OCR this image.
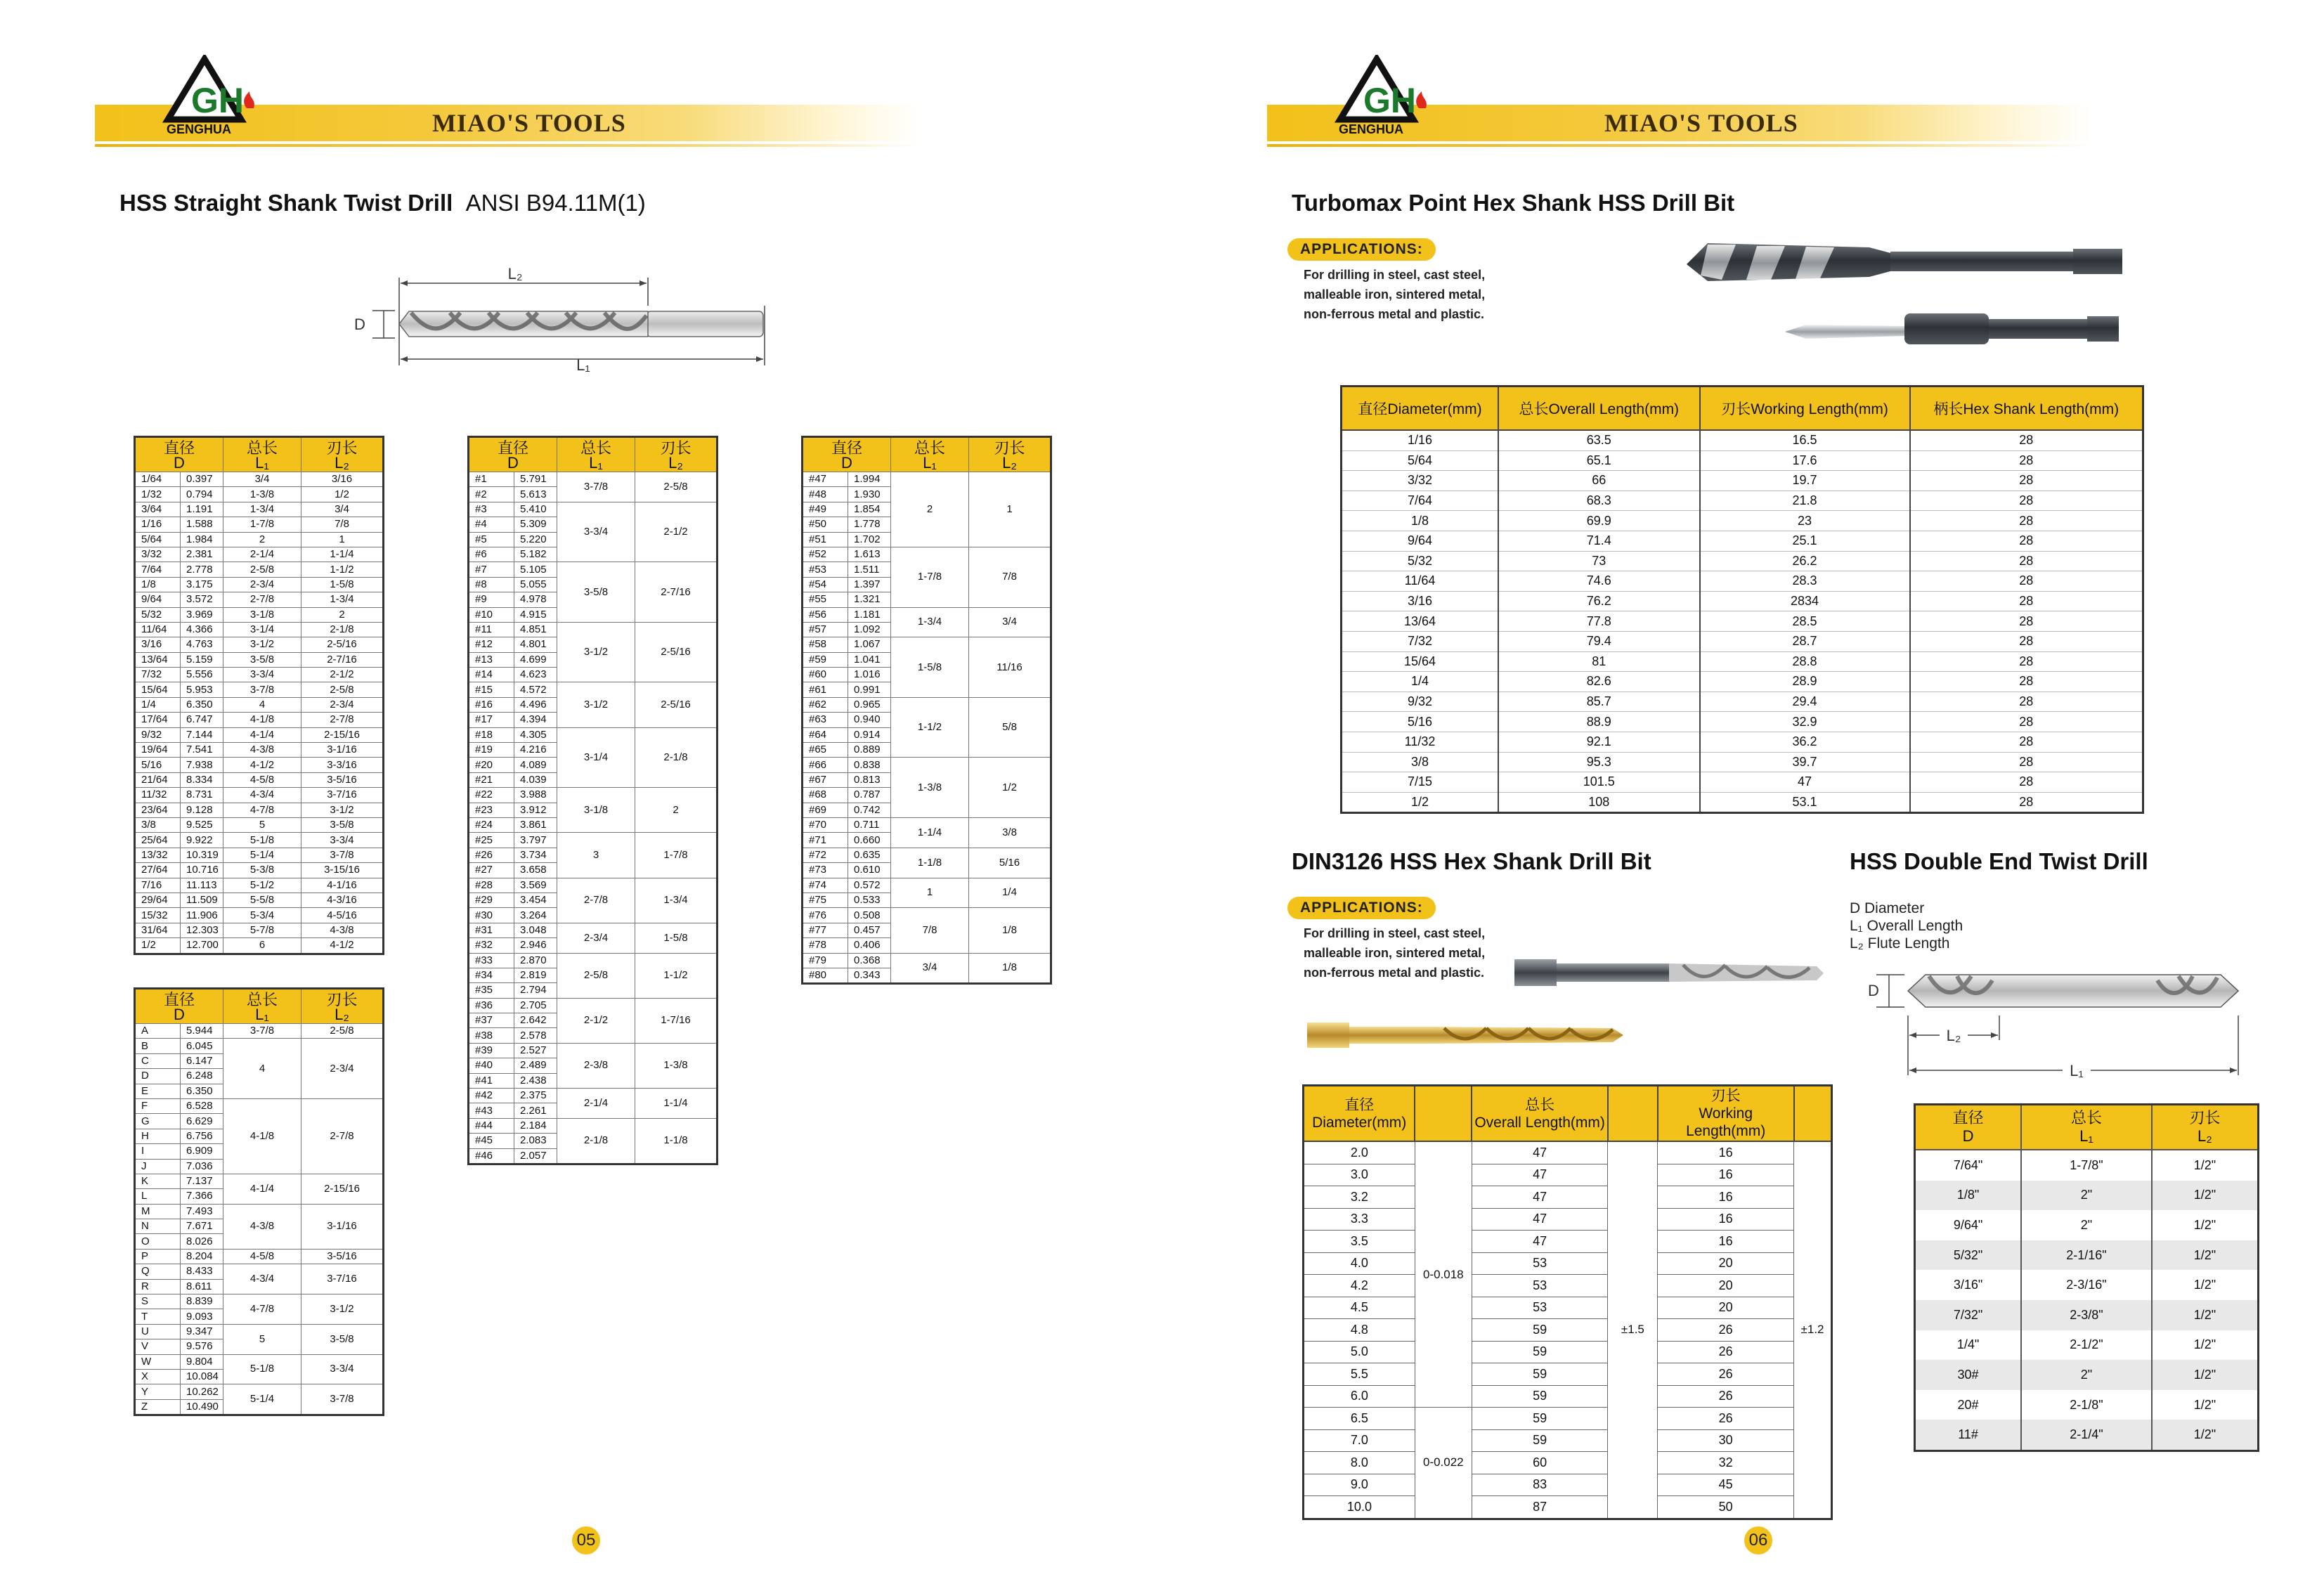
MIAO'S TOOLS
GH
GENGHUA	MIAO'S TOOLS
GH
GENGHUA
HSS Straight Shank Twist Drill ANSI B94.11M(1)
L₂
L₁
D
直径
D		总长
L₁	刃长
L₂
1/64	0.397	3/4	3/16
1/32	0.794	1-3/8	1/2
3/64	1.191	1-3/4	3/4
1/16	1.588	1-7/8	7/8
5/64	1.984	2	1
3/32	2.381	2-1/4	1-1/4
7/64	2.778	2-5/8	1-1/2
1/8	3.175	2-3/4	1-5/8
9/64	3.572	2-7/8	1-3/4
5/32	3.969	3-1/8	2
11/64	4.366	3-1/4	2-1/8
3/16	4.763	3-1/2	2-5/16
13/64	5.159	3-5/8	2-7/16
7/32	5.556	3-3/4	2-1/2
15/64	5.953	3-7/8	2-5/8
1/4	6.350	4	2-3/4
17/64	6.747	4-1/8	2-7/8
9/32	7.144	4-1/4	2-15/16
19/64	7.541	4-3/8	3-1/16
5/16	7.938	4-1/2	3-3/16
21/64	8.334	4-5/8	3-5/16
11/32	8.731	4-3/4	3-7/16
23/64	9.128	4-7/8	3-1/2
3/8	9.525	5	3-5/8
25/64	9.922	5-1/8	3-3/4
13/32	10.319	5-1/4	3-7/8
27/64	10.716	5-3/8	3-15/16
7/16	11.113	5-1/2	4-1/16
29/64	11.509	5-5/8	4-3/16
15/32	11.906	5-3/4	4-5/16
31/64	12.303	5-7/8	4-3/8
1/2	12.700	6	4-1/2
直径
D		总长
L₁	刃长
L₂
A	5.944	3-7/8	2-5/8
B	6.045	4	2-3/4
C	6.147		
D	6.248		
E	6.350		
F	6.528	4-1/8	2-7/8
G	6.629		
H	6.756		
I	6.909		
J	7.036		
K	7.137	4-1/4	2-15/16
L	7.366		
M	7.493	4-3/8	3-1/16
N	7.671		
O	8.026		
P	8.204	4-5/8	3-5/16
Q	8.433	4-3/4	3-7/16
R	8.611		
S	8.839	4-7/8	3-1/2
T	9.093		
U	9.347	5	3-5/8
V	9.576		
W	9.804	5-1/8	3-3/4
X	10.084		
Y	10.262	5-1/4	3-7/8
Z	10.490		
直径
D		总长
L₁	刃长
L₂
#1	5.791	3-7/8	2-5/8
#2	5.613		
#3	5.410	3-3/4	2-1/2
#4	5.309		
#5	5.220		
#6	5.182		
#7	5.105	3-5/8	2-7/16
#8	5.055		
#9	4.978		
#10	4.915		
#11	4.851	3-1/2	2-5/16
#12	4.801		
#13	4.699		
#14	4.623		
#15	4.572	3-1/2	2-5/16
#16	4.496		
#17	4.394		
#18	4.305	3-1/4	2-1/8
#19	4.216		
#20	4.089		
#21	4.039		
#22	3.988	3-1/8	2
#23	3.912		
#24	3.861		
#25	3.797	3	1-7/8
#26	3.734		
#27	3.658		
#28	3.569	2-7/8	1-3/4
#29	3.454		
#30	3.264		
#31	3.048	2-3/4	1-5/8
#32	2.946		
#33	2.870	2-5/8	1-1/2
#34	2.819		
#35	2.794		
#36	2.705	2-1/2	1-7/16
#37	2.642		
#38	2.578		
#39	2.527	2-3/8	1-3/8
#40	2.489		
#41	2.438		
#42	2.375	2-1/4	1-1/4
#43	2.261		
#44	2.184	2-1/8	1-1/8
#45	2.083		
#46	2.057		
直径
D		总长
L₁	刃长
L₂
#47	1.994	2	1
#48	1.930		
#49	1.854		
#50	1.778		
#51	1.702		
#52	1.613	1-7/8	7/8
#53	1.511		
#54	1.397		
#55	1.321		
#56	1.181	1-3/4	3/4
#57	1.092		
#58	1.067	1-5/8	11/16
#59	1.041		
#60	1.016		
#61	0.991		
#62	0.965	1-1/2	5/8
#63	0.940		
#64	0.914		
#65	0.889		
#66	0.838	1-3/8	1/2
#67	0.813		
#68	0.787		
#69	0.742		
#70	0.711	1-1/4	3/8
#71	0.660		
#72	0.635	1-1/8	5/16
#73	0.610		
#74	0.572	1	1/4
#75	0.533		
#76	0.508	7/8	1/8
#77	0.457		
#78	0.406		
#79	0.368	3/4	1/8
#80	0.343		
05
Turbomax Point Hex Shank HSS Drill Bit
APPLICATIONS:
For drilling in steel, cast steel,
malleable iron, sintered metal,
non-ferrous metal and plastic.
直径Diameter(mm)	总长Overall Length(mm)	刃长Working Length(mm)	柄长Hex Shank Length(mm)
1/16	63.5	16.5	28
5/64	65.1	17.6	28
3/32	66	19.7	28
7/64	68.3	21.8	28
1/8	69.9	23	28
9/64	71.4	25.1	28
5/32	73	26.2	28
11/64	74.6	28.3	28
3/16	76.2	2834	28
13/64	77.8	28.5	28
7/32	79.4	28.7	28
15/64	81	28.8	28
1/4	82.6	28.9	28
9/32	85.7	29.4	28
5/16	88.9	32.9	28
11/32	92.1	36.2	28
3/8	95.3	39.7	28
7/15	101.5	47	28
1/2	108	53.1	28
DIN3126 HSS Hex Shank Drill Bit
APPLICATIONS:
For drilling in steel, cast steel,
malleable iron, sintered metal,
non-ferrous metal and plastic.
直径
Diameter(mm)		总长
Overall Length(mm)		刃长
Working Length(mm)	
2.0	0-0.018	47	±1.5	16	±1.2
3.0		47		16	
3.2		47		16	
3.3		47		16	
3.5		47		16	
4.0		53		20	
4.2		53		20	
4.5		53		20	
4.8		59		26	
5.0		59		26	
5.5		59		26	
6.0		59		26	
6.5	0-0.022	59		26	
7.0		59		30	
8.0		60		32	
9.0		83		45	
10.0		87		50	
HSS Double End Twist Drill
D Diameter
L₁ Overall Length
L₂ Flute Length
D
L₂
L₁
直径
D	总长
L₁	刃长
L₂
7/64"	1-7/8"	1/2"
1/8"	2"	1/2"
9/64"	2"	1/2"
5/32"	2-1/16"	1/2"
3/16"	2-3/16"	1/2"
7/32"	2-3/8"	1/2"
1/4"	2-1/2"	1/2"
30#	2"	1/2"
20#	2-1/8"	1/2"
11#	2-1/4"	1/2"
06
